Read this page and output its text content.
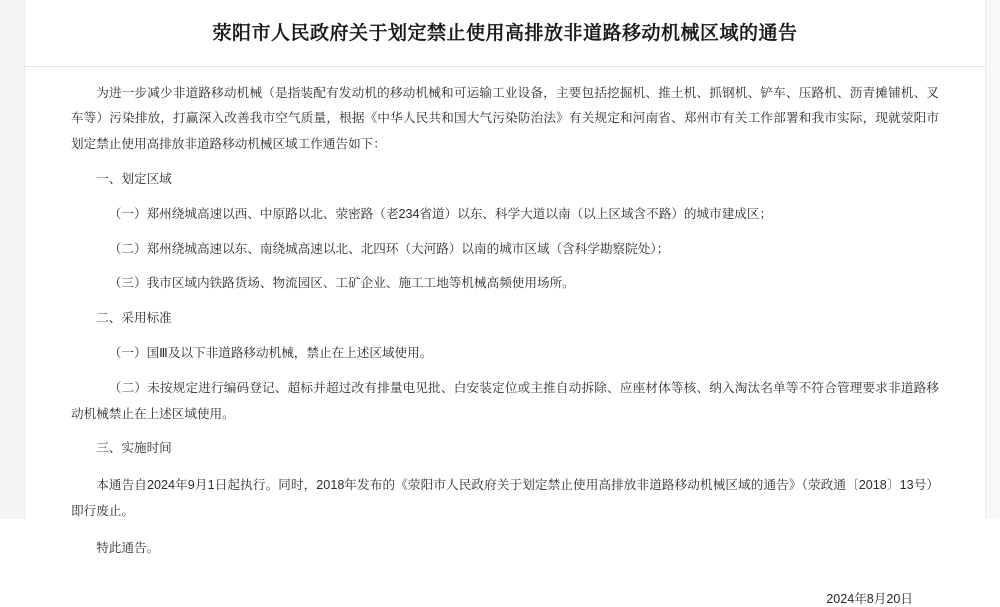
荥阳市人民政府关于划定禁止使用高排放非道路移动机械区域的通告

为进一步减少非道路移动机械（是指装配有发动机的移动机械和可运输工业设备，主要包括挖掘机、推土机、抓钢机、铲车、压路机、沥青摊铺机、叉车等）污染排放，打赢深入改善我市空气质量，根据《中华人民共和国大气污染防治法》有关规定和河南省、郑州市有关工作部署和我市实际，现就荥阳市划定禁止使用高排放非道路移动机械区域工作通告如下：

一、划定区域

（一）郑州绕城高速以西、中原路以北、荥密路（老234省道）以东、科学大道以南（以上区域含不路）的城市建成区；

（二）郑州绕城高速以东、南绕城高速以北、北四环（大河路）以南的城市区域（含科学勘察院处）；

（三）我市区域内铁路货场、物流园区、工矿企业、施工工地等机械高频使用场所。

二、采用标准

（一）国Ⅲ及以下非道路移动机械，禁止在上述区域使用。

（二）未按规定进行编码登记、超标并超过改有排量电见批、白安装定位或主推自动拆除、应座材体等核、纳入淘汰名单等不符合管理要求非道路移动机械禁止在上述区域使用。

三、实施时间

本通告自2024年9月1日起执行。同时，2018年发布的《荥阳市人民政府关于划定禁止使用高排放非道路移动机械区域的通告》（荥政通〔2018〕13号）即行废止。

特此通告。

2024年8月20日
